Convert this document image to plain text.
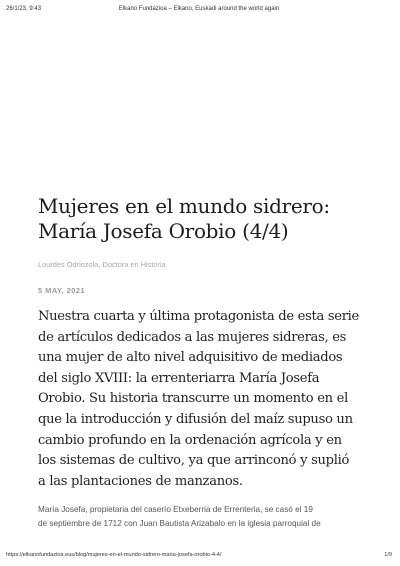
26/1/23, 9:43	Elkano Fundazioa – Elkano, Euskadi around the world again
Mujeres en el mundo sidrero:
María Josefa Orobio (4/4)
Lourdes Odriozola, Doctora en Historia
5 MAY, 2021

Nuestra cuarta y última protagonista de esta serie
de artículos dedicados a las mujeres sidreras, es
una mujer de alto nivel adquisitivo de mediados
del siglo XVIII: la errenteriarra María Josefa
Orobio. Su historia transcurre un momento en el
que la introducción y difusión del maíz supuso un
cambio profundo en la ordenación agrícola y en
los sistemas de cultivo, ya que arrinconó y suplió
a las plantaciones de manzanos.

María Josefa, propietaria del caserío Etxeberria de Errenteria, se casó el 19
de septiembre de 1712 con Juan Bautista Arizabalo en la iglesia parroquial de

https://elkanofundazioa.eus/blog/mujeres-en-el-mundo-sidrero-maria-josefa-orobio-4-4/	1/9
